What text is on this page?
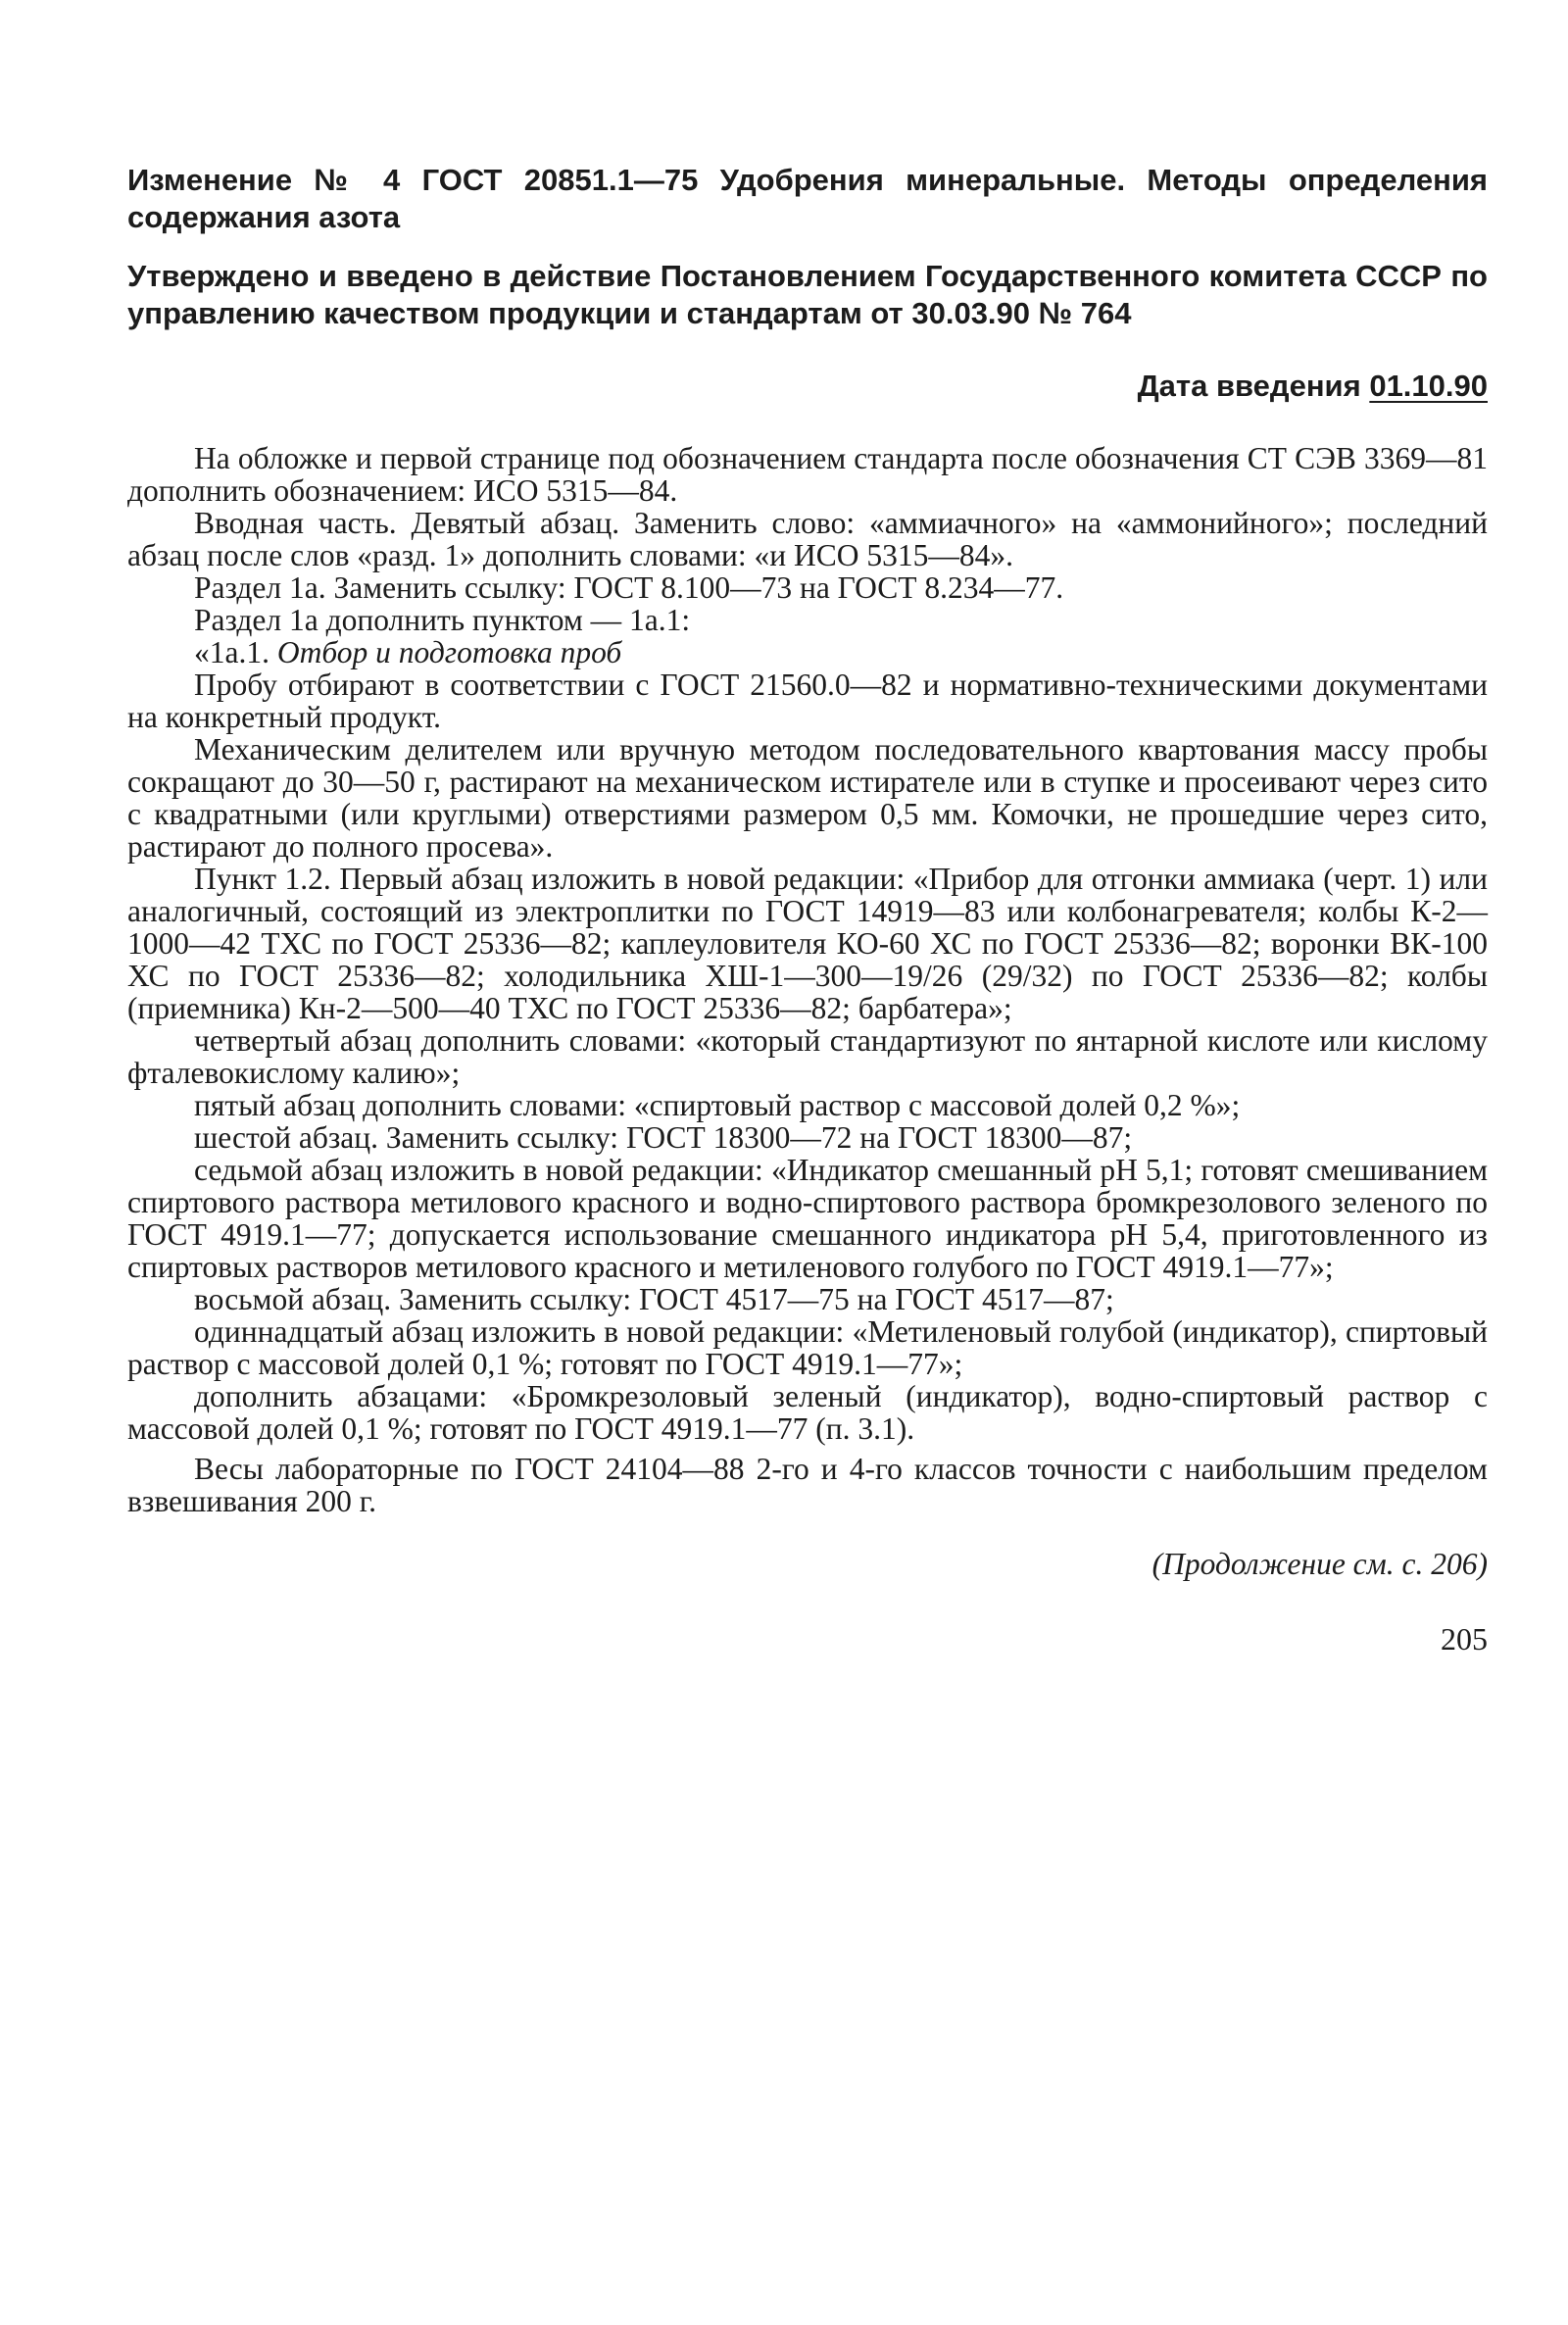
Изменение № 4 ГОСТ 20851.1—75 Удобрения минеральные. Методы определения содержания азота

Утверждено и введено в действие Постановлением Государственного комитета СССР по управлению качеством продукции и стандартам от 30.03.90 № 764

Дата введения 01.10.90

На обложке и первой странице под обозначением стандарта после обозначения СТ СЭВ 3369—81 дополнить обозначением: ИСО 5315—84.

Вводная часть. Девятый абзац. Заменить слово: «аммиачного» на «аммонийного»; последний абзац после слов «разд. 1» дополнить словами: «и ИСО 5315—84».

Раздел 1а. Заменить ссылку: ГОСТ 8.100—73 на ГОСТ 8.234—77.

Раздел 1а дополнить пунктом — 1а.1:

«1а.1. Отбор и подготовка проб

Пробу отбирают в соответствии с ГОСТ 21560.0—82 и нормативно-техническими документами на конкретный продукт.

Механическим делителем или вручную методом последовательного квартования массу пробы сокращают до 30—50 г, растирают на механическом истирателе или в ступке и просеивают через сито с квадратными (или круглыми) отверстиями размером 0,5 мм. Комочки, не прошедшие через сито, растирают до полного просева».

Пункт 1.2. Первый абзац изложить в новой редакции: «Прибор для отгонки аммиака (черт. 1) или аналогичный, состоящий из электроплитки по ГОСТ 14919—83 или колбонагревателя; колбы К-2—1000—42 ТХС по ГОСТ 25336—82; каплеуловителя КО-60 ХС по ГОСТ 25336—82; воронки ВК-100 ХС по ГОСТ 25336—82; холодильника ХШ-1—300—19/26 (29/32) по ГОСТ 25336—82; колбы (приемника) Кн-2—500—40 ТХС по ГОСТ 25336—82; барбатера»;

четвертый абзац дополнить словами: «который стандартизуют по янтарной кислоте или кислому фталевокислому калию»;

пятый абзац дополнить словами: «спиртовый раствор с массовой долей 0,2 %»;

шестой абзац. Заменить ссылку: ГОСТ 18300—72 на ГОСТ 18300—87;

седьмой абзац изложить в новой редакции: «Индикатор смешанный рН 5,1; готовят смешиванием спиртового раствора метилового красного и водно-спиртового раствора бромкрезолового зеленого по ГОСТ 4919.1—77; допускается использование смешанного индикатора рН 5,4, приготовленного из спиртовых растворов метилового красного и метиленового голубого по ГОСТ 4919.1—77»;

восьмой абзац. Заменить ссылку: ГОСТ 4517—75 на ГОСТ 4517—87;

одиннадцатый абзац изложить в новой редакции: «Метиленовый голубой (индикатор), спиртовый раствор с массовой долей 0,1 %; готовят по ГОСТ 4919.1—77»;

дополнить абзацами: «Бромкрезоловый зеленый (индикатор), водно-спиртовый раствор с массовой долей 0,1 %; готовят по ГОСТ 4919.1—77 (п. 3.1).

Весы лабораторные по ГОСТ 24104—88 2-го и 4-го классов точности с наибольшим пределом взвешивания 200 г.

(Продолжение см. с. 206)
205
